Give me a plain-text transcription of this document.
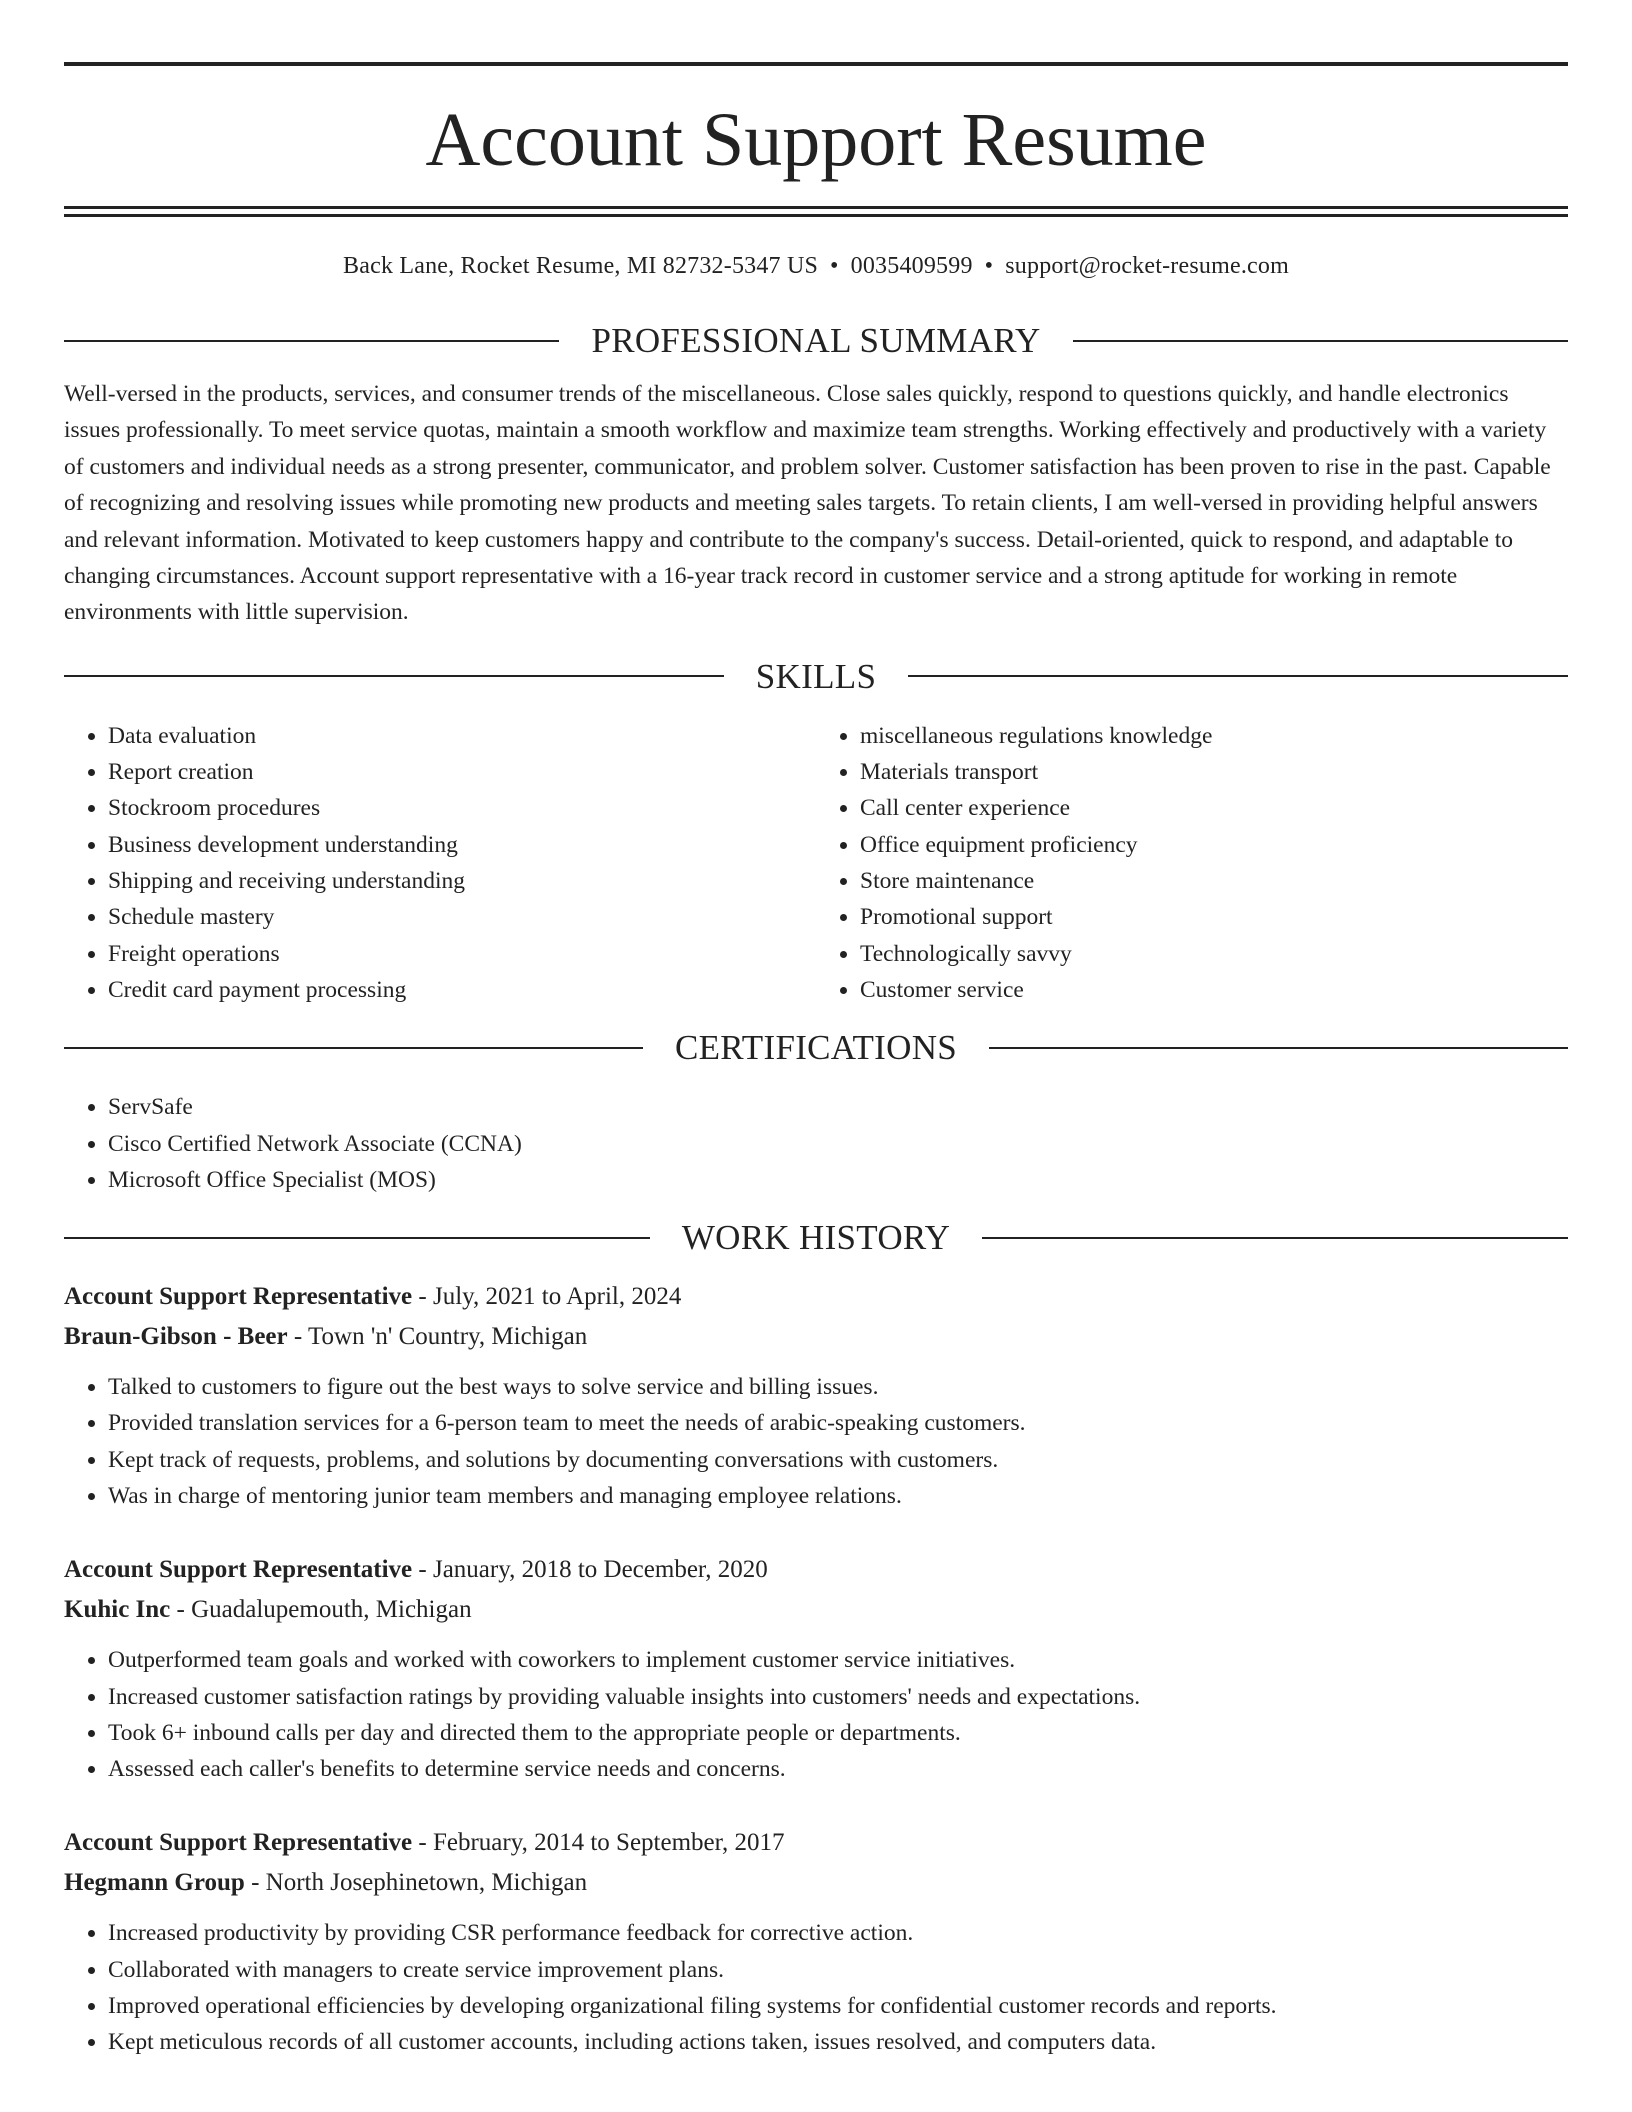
Account Support Resume
Back Lane, Rocket Resume, MI 82732-5347 US • 0035409599 • support@rocket-resume.com
PROFESSIONAL SUMMARY

Well-versed in the products, services, and consumer trends of the miscellaneous. Close sales quickly, respond to questions quickly, and handle electronics issues professionally. To meet service quotas, maintain a smooth workflow and maximize team strengths. Working effectively and productively with a variety of customers and individual needs as a strong presenter, communicator, and problem solver. Customer satisfaction has been proven to rise in the past. Capable of recognizing and resolving issues while promoting new products and meeting sales targets. To retain clients, I am well-versed in providing helpful answers and relevant information. Motivated to keep customers happy and contribute to the company's success. Detail-oriented, quick to respond, and adaptable to changing circumstances. Account support representative with a 16-year track record in customer service and a strong aptitude for working in remote environments with little supervision.

SKILLS
• Data evaluation
• Report creation
• Stockroom procedures
• Business development understanding
• Shipping and receiving understanding
• Schedule mastery
• Freight operations
• Credit card payment processing
• miscellaneous regulations knowledge
• Materials transport
• Call center experience
• Office equipment proficiency
• Store maintenance
• Promotional support
• Technologically savvy
• Customer service
CERTIFICATIONS
• ServSafe
• Cisco Certified Network Associate (CCNA)
• Microsoft Office Specialist (MOS)
WORK HISTORY
Account Support Representative - July, 2021 to April, 2024
Braun-Gibson - Beer - Town 'n' Country, Michigan
• Talked to customers to figure out the best ways to solve service and billing issues.
• Provided translation services for a 6-person team to meet the needs of arabic-speaking customers.
• Kept track of requests, problems, and solutions by documenting conversations with customers.
• Was in charge of mentoring junior team members and managing employee relations.
Account Support Representative - January, 2018 to December, 2020
Kuhic Inc - Guadalupemouth, Michigan
• Outperformed team goals and worked with coworkers to implement customer service initiatives.
• Increased customer satisfaction ratings by providing valuable insights into customers' needs and expectations.
• Took 6+ inbound calls per day and directed them to the appropriate people or departments.
• Assessed each caller's benefits to determine service needs and concerns.
Account Support Representative - February, 2014 to September, 2017
Hegmann Group - North Josephinetown, Michigan
• Increased productivity by providing CSR performance feedback for corrective action.
• Collaborated with managers to create service improvement plans.
• Improved operational efficiencies by developing organizational filing systems for confidential customer records and reports.
• Kept meticulous records of all customer accounts, including actions taken, issues resolved, and computers data.
